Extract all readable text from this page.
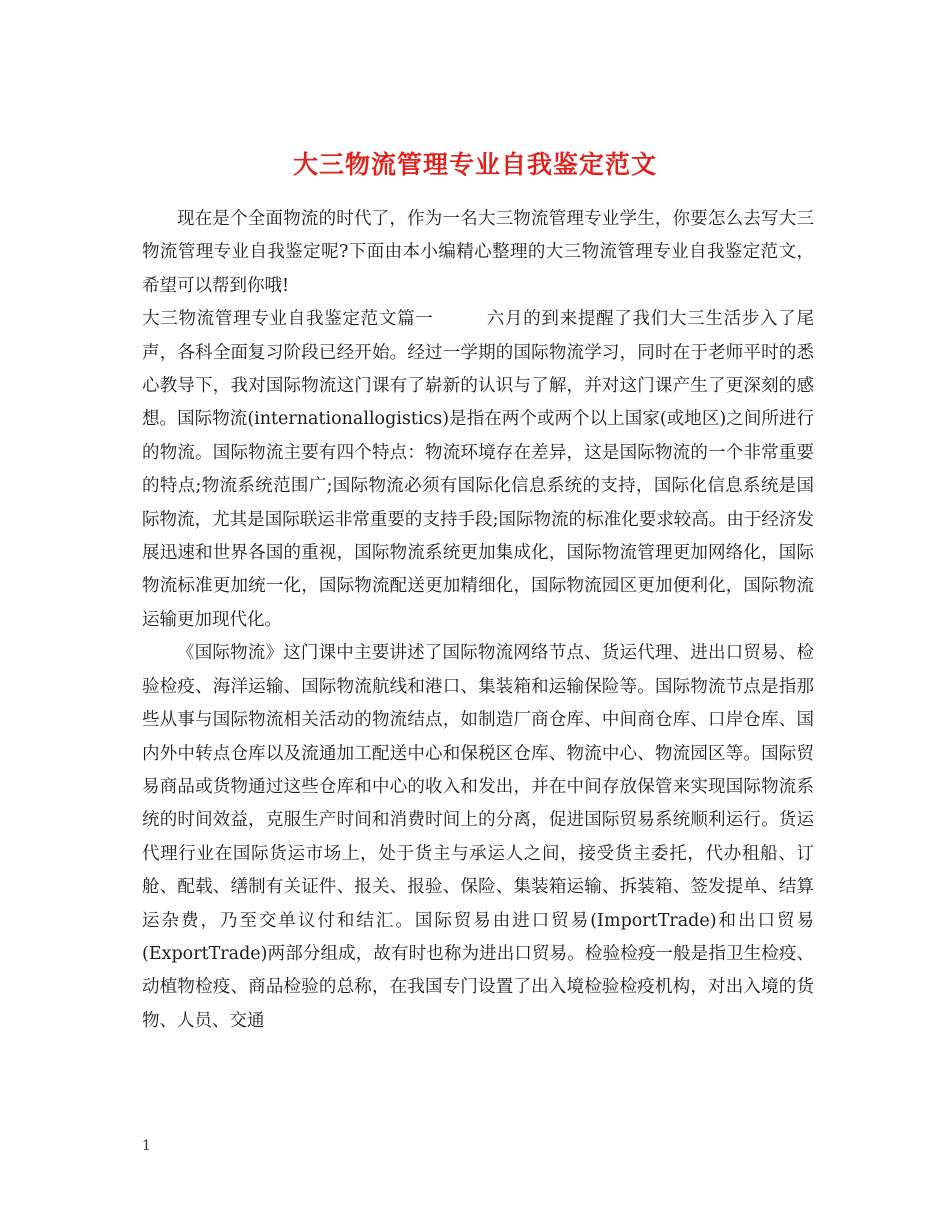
大三物流管理专业自我鉴定范文

现在是个全面物流的时代了，作为一名大三物流管理专业学生，你要怎么去写大三物流管理专业自我鉴定呢?下面由本小编精心整理的大三物流管理专业自我鉴定范文，希望可以帮到你哦!

大三物流管理专业自我鉴定范文篇一	六月的到来提醒了我们大三生活步入了尾声，各科全面复习阶段已经开始。经过一学期的国际物流学习，同时在于老师平时的悉心教导下，我对国际物流这门课有了崭新的认识与了解，并对这门课产生了更深刻的感想。国际物流(internationallogistics)是指在两个或两个以上国家(或地区)之间所进行的物流。国际物流主要有四个特点：物流环境存在差异，这是国际物流的一个非常重要的特点;物流系统范围广;国际物流必须有国际化信息系统的支持，国际化信息系统是国际物流，尤其是国际联运非常重要的支持手段;国际物流的标准化要求较高。由于经济发展迅速和世界各国的重视，国际物流系统更加集成化，国际物流管理更加网络化，国际物流标准更加统一化，国际物流配送更加精细化，国际物流园区更加便利化，国际物流运输更加现代化。

《国际物流》这门课中主要讲述了国际物流网络节点、货运代理、进出口贸易、检验检疫、海洋运输、国际物流航线和港口、集装箱和运输保险等。国际物流节点是指那些从事与国际物流相关活动的物流结点，如制造厂商仓库、中间商仓库、口岸仓库、国内外中转点仓库以及流通加工配送中心和保税区仓库、物流中心、物流园区等。国际贸易商品或货物通过这些仓库和中心的收入和发出，并在中间存放保管来实现国际物流系统的时间效益，克服生产时间和消费时间上的分离，促进国际贸易系统顺利运行。货运代理行业在国际货运市场上，处于货主与承运人之间，接受货主委托，代办租船、订舱、配载、缮制有关证件、报关、报验、保险、集装箱运输、拆装箱、签发提单、结算运杂费，乃至交单议付和结汇。国际贸易由进口贸易(ImportTrade)和出口贸易(ExportTrade)两部分组成，故有时也称为进出口贸易。检验检疫一般是指卫生检疫、动植物检疫、商品检验的总称，在我国专门设置了出入境检验检疫机构，对出入境的货物、人员、交通

1
